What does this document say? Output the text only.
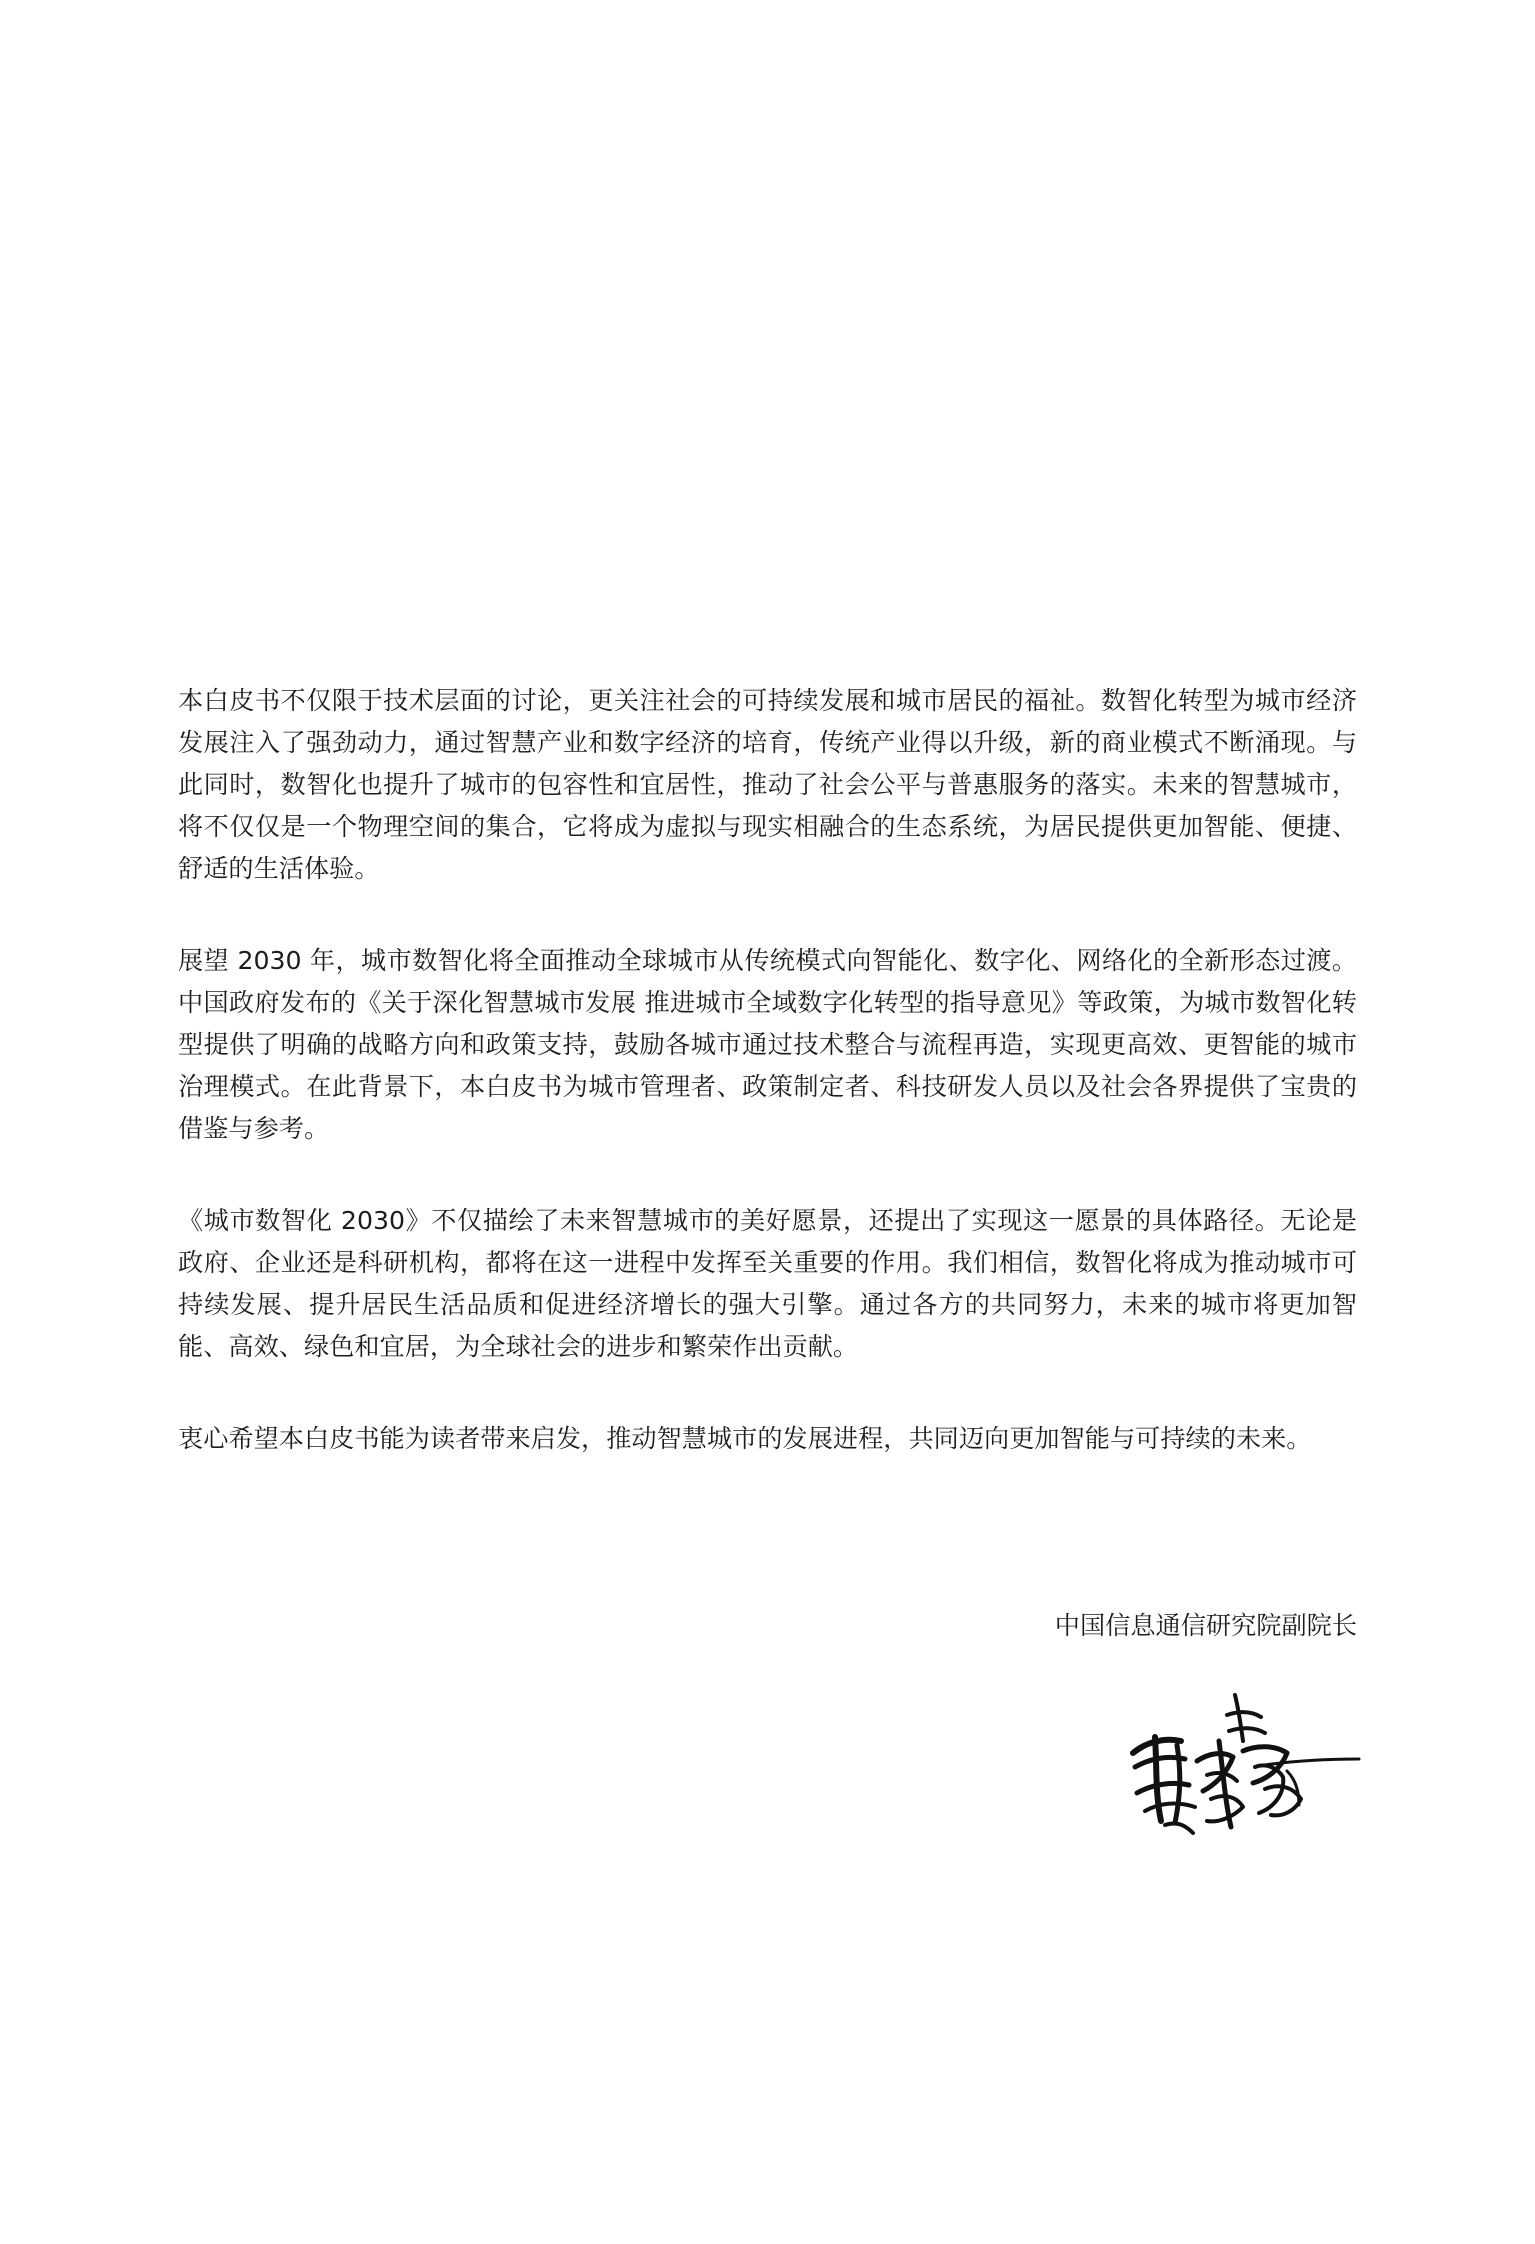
本白皮书不仅限于技术层面的讨论，更关注社会的可持续发展和城市居民的福祉。数智化转型为城市经济发展注入了强劲动力，通过智慧产业和数字经济的培育，传统产业得以升级，新的商业模式不断涌现。与此同时，数智化也提升了城市的包容性和宜居性，推动了社会公平与普惠服务的落实。未来的智慧城市，将不仅仅是一个物理空间的集合，它将成为虚拟与现实相融合的生态系统，为居民提供更加智能、便捷、舒适的生活体验。

展望 2030 年，城市数智化将全面推动全球城市从传统模式向智能化、数字化、网络化的全新形态过渡。中国政府发布的《关于深化智慧城市发展 推进城市全域数字化转型的指导意见》等政策，为城市数智化转型提供了明确的战略方向和政策支持，鼓励各城市通过技术整合与流程再造，实现更高效、更智能的城市治理模式。在此背景下，本白皮书为城市管理者、政策制定者、科技研发人员以及社会各界提供了宝贵的借鉴与参考。

《城市数智化 2030》不仅描绘了未来智慧城市的美好愿景，还提出了实现这一愿景的具体路径。无论是政府、企业还是科研机构，都将在这一进程中发挥至关重要的作用。我们相信，数智化将成为推动城市可持续发展、提升居民生活品质和促进经济增长的强大引擎。通过各方的共同努力，未来的城市将更加智能、高效、绿色和宜居，为全球社会的进步和繁荣作出贡献。

衷心希望本白皮书能为读者带来启发，推动智慧城市的发展进程，共同迈向更加智能与可持续的未来。

中国信息通信研究院副院长
